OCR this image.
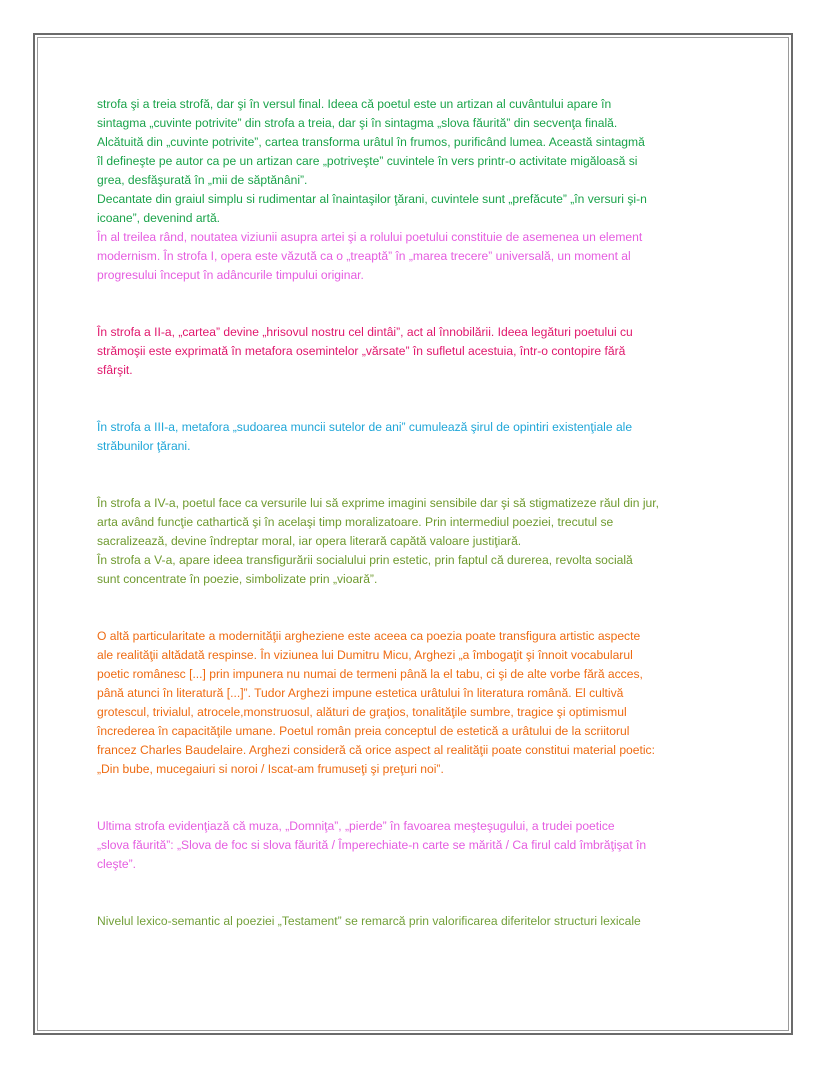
strofa şi a treia strofă, dar şi în versul final. Ideea că poetul este un artizan al cuvântului apare în
sintagma „cuvinte potrivite” din strofa a treia, dar şi în sintagma „slova făurită” din secvenţa finală.
Alcătuită din „cuvinte potrivite”, cartea transforma urâtul în frumos, purificând lumea. Această sintagmă
îl defineşte pe autor ca pe un artizan care „potriveşte” cuvintele în vers printr-o activitate migăloasă si
grea, desfăşurată în „mii de săptănâni”.
Decantate din graiul simplu si rudimentar al înaintaşilor ţărani, cuvintele sunt „prefăcute” „în versuri şi-n
icoane”, devenind artă.
În al treilea rând, noutatea viziunii asupra artei şi a rolului poetului constituie de asemenea un element
modernism. În strofa I, opera este văzută ca o „treaptă” în „marea trecere” universală, un moment al
progresului început în adâncurile timpului originar.
În strofa a II-a, „cartea” devine „hrisovul nostru cel dintâi”, act al înnobilării. Ideea legături poetului cu
strămoşii este exprimată în metafora osemintelor „vărsate” în sufletul acestuia, într-o contopire fără
sfârşit.
În strofa a III-a, metafora „sudoarea muncii sutelor de ani” cumulează şirul de opintiri existenţiale ale
străbunilor ţărani.
În strofa a IV-a, poetul face ca versurile lui să exprime imagini sensibile dar şi să stigmatizeze răul din jur,
arta având funcţie cathartică şi în acelaşi timp moralizatoare. Prin intermediul poeziei, trecutul se
sacralizează, devine îndreptar moral, iar opera literară capătă valoare justiţiară.
În strofa a V-a, apare ideea transfigurării socialului prin estetic, prin faptul că durerea, revolta socială
sunt concentrate în poezie, simbolizate prin „vioară”.
O altă particularitate a modernităţii argheziene este aceea ca poezia poate transfigura artistic aspecte
ale realităţii altădată respinse. În viziunea lui Dumitru Micu, Arghezi „a îmbogaţit şi înnoit vocabularul
poetic românesc [...] prin impunera nu numai de termeni până la el tabu, ci şi de alte vorbe fără acces,
până atunci în literatură [...]”. Tudor Arghezi impune estetica urâtului în literatura română. El cultivă
grotescul, trivialul, atrocele,monstruosul, alături de graţios, tonalităţile sumbre, tragice şi optimismul
încrederea în capacităţile umane. Poetul român preia conceptul de estetică a urâtului de la scriitorul
francez Charles Baudelaire. Arghezi consideră că orice aspect al realităţii poate constitui material poetic:
„Din bube, mucegaiuri si noroi / Iscat-am frumuseţi şi preţuri noi”.
Ultima strofa evidenţiază că muza, „Domniţa”, „pierde” în favoarea meşteşugului, a trudei poetice
„slova făurită”: „Slova de foc si slova făurită / Împerechiate-n carte se mărită / Ca firul cald îmbrăţişat în
cleşte”.
Nivelul lexico-semantic al poeziei „Testament” se remarcă prin valorificarea diferitelor structuri lexicale
